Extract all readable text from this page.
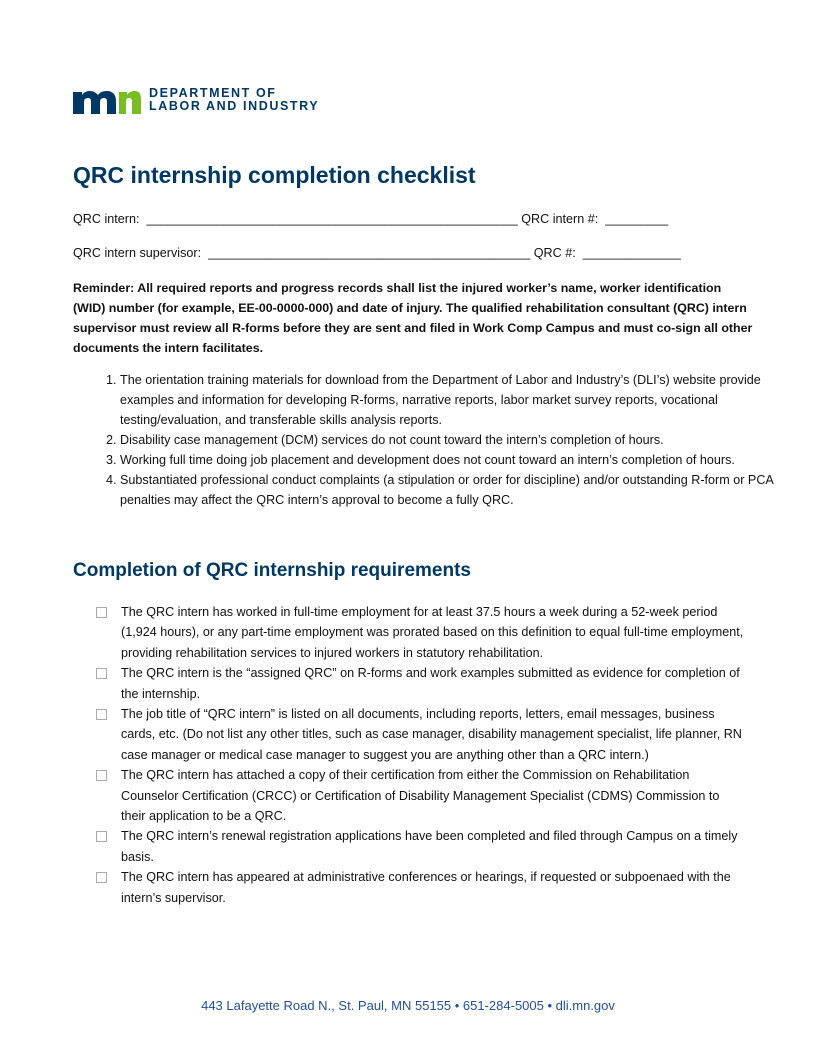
DEPARTMENT OF
LABOR AND INDUSTRY
QRC internship completion checklist
QRC intern: _____________________________________________________ QRC intern #: _________
QRC intern supervisor: ______________________________________________ QRC #: ______________
Reminder: All required reports and progress records shall list the injured worker’s name, worker identification (WID) number (for example, EE-00-0000-000) and date of injury. The qualified rehabilitation consultant (QRC) intern supervisor must review all R-forms before they are sent and filed in Work Comp Campus and must co-sign all other documents the intern facilitates.
1. The orientation training materials for download from the Department of Labor and Industry’s (DLI’s) website provide examples and information for developing R-forms, narrative reports, labor market survey reports, vocational testing/evaluation, and transferable skills analysis reports.
2. Disability case management (DCM) services do not count toward the intern’s completion of hours.
3. Working full time doing job placement and development does not count toward an intern’s completion of hours.
4. Substantiated professional conduct complaints (a stipulation or order for discipline) and/or outstanding R-form or PCA penalties may affect the QRC intern’s approval to become a fully QRC.
Completion of QRC internship requirements
The QRC intern has worked in full-time employment for at least 37.5 hours a week during a 52-week period (1,924 hours), or any part-time employment was prorated based on this definition to equal full-time employment, providing rehabilitation services to injured workers in statutory rehabilitation.
The QRC intern is the “assigned QRC” on R-forms and work examples submitted as evidence for completion of the internship.
The job title of “QRC intern” is listed on all documents, including reports, letters, email messages, business cards, etc. (Do not list any other titles, such as case manager, disability management specialist, life planner, RN case manager or medical case manager to suggest you are anything other than a QRC intern.)
The QRC intern has attached a copy of their certification from either the Commission on Rehabilitation Counselor Certification (CRCC) or Certification of Disability Management Specialist (CDMS) Commission to their application to be a QRC.
The QRC intern’s renewal registration applications have been completed and filed through Campus on a timely basis.
The QRC intern has appeared at administrative conferences or hearings, if requested or subpoenaed with the intern’s supervisor.
443 Lafayette Road N., St. Paul, MN 55155 • 651-284-5005 • dli.mn.gov
